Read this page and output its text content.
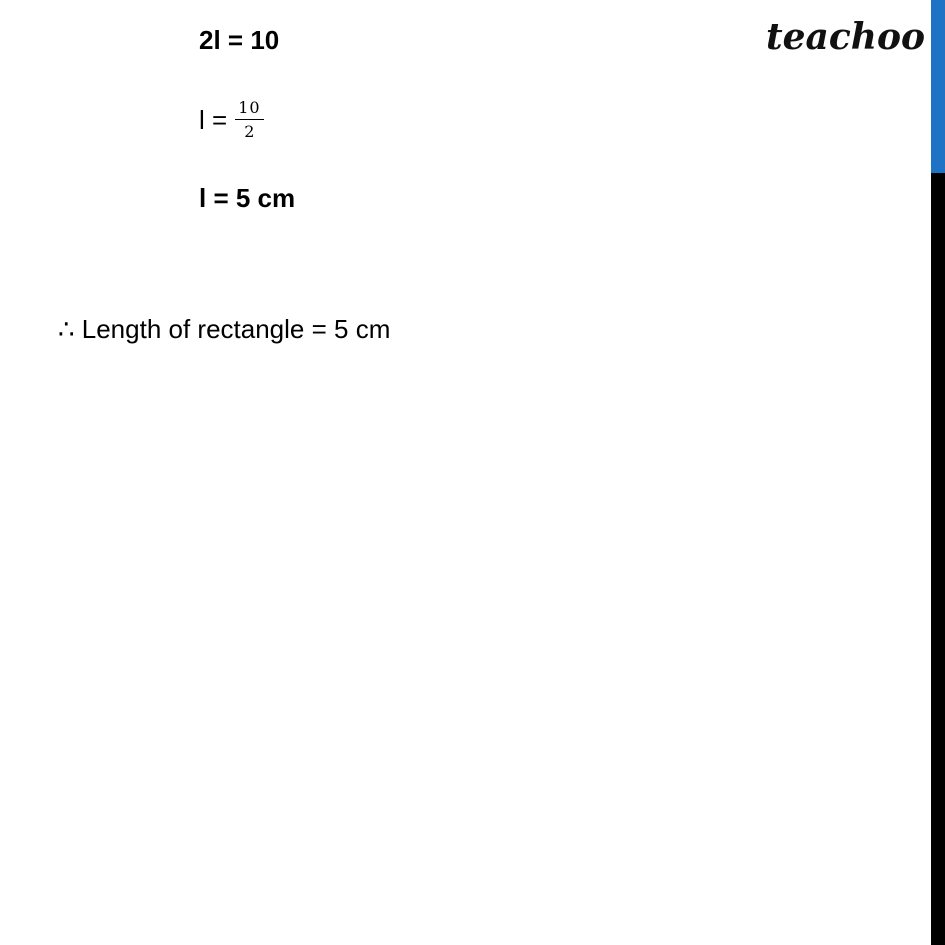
2l = 10
$l = \frac{10}{2}$
l = 5 cm
∴ Length of rectangle = 5 cm
teachoo
